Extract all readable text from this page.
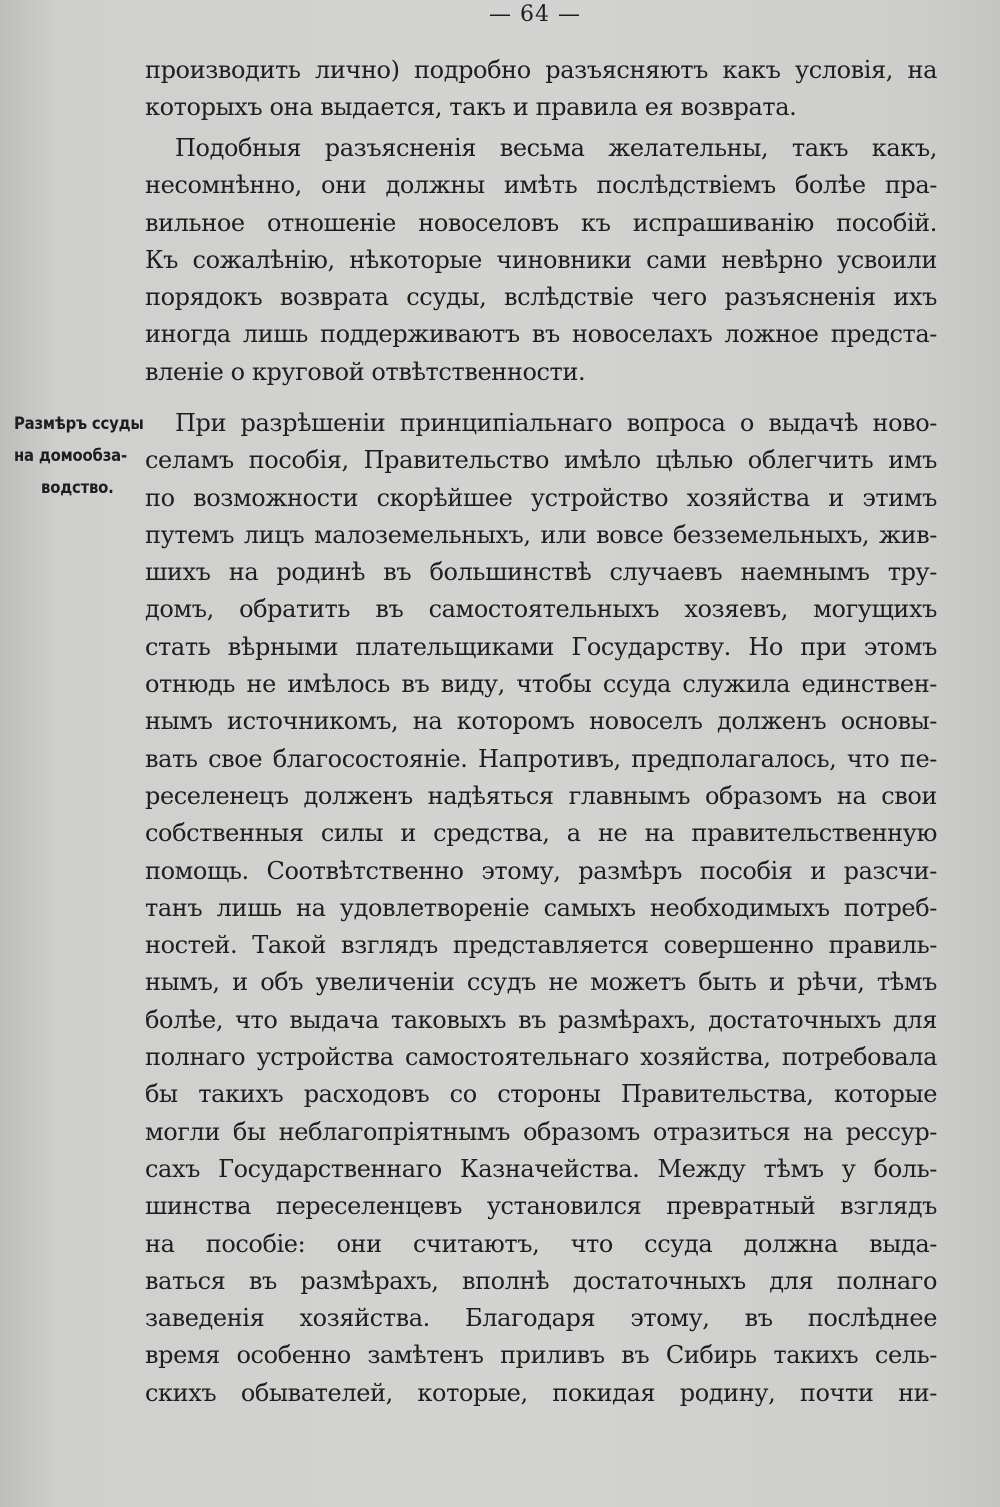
— 64 —
Размѣръ ссуды
на домообза-
водство.
производить лично) подробно разъясняютъ какъ условія, на
которыхъ она выдается, такъ и правила ея возврата.
Подобныя разъясненія весьма желательны, такъ какъ,
несомнѣнно, они должны имѣть послѣдствіемъ болѣе пра-
вильное отношеніе новоселовъ къ испрашиванію пособій.
Къ сожалѣнію, нѣкоторые чиновники сами невѣрно усвоили
порядокъ возврата ссуды, вслѣдствіе чего разъясненія ихъ
иногда лишь поддерживаютъ въ новоселахъ ложное предста-
вленіе о круговой отвѣтственности.
При разрѣшеніи принципіальнаго вопроса о выдачѣ ново-
селамъ пособія, Правительство имѣло цѣлью облегчить имъ
по возможности скорѣйшее устройство хозяйства и этимъ
путемъ лицъ малоземельныхъ, или вовсе безземельныхъ, жив-
шихъ на родинѣ въ большинствѣ случаевъ наемнымъ тру-
домъ, обратить въ самостоятельныхъ хозяевъ, могущихъ
стать вѣрными плательщиками Государству. Но при этомъ
отнюдь не имѣлось въ виду, чтобы ссуда служила единствен-
нымъ источникомъ, на которомъ новоселъ долженъ основы-
вать свое благосостояніе. Напротивъ, предполагалось, что пе-
реселенецъ долженъ надѣяться главнымъ образомъ на свои
собственныя силы и средства, а не на правительственную
помощь. Соотвѣтственно этому, размѣръ пособія и разсчи-
танъ лишь на удовлетвореніе самыхъ необходимыхъ потреб-
ностей. Такой взглядъ представляется совершенно правиль-
нымъ, и объ увеличеніи ссудъ не можетъ быть и рѣчи, тѣмъ
болѣе, что выдача таковыхъ въ размѣрахъ, достаточныхъ для
полнаго устройства самостоятельнаго хозяйства, потребовала
бы такихъ расходовъ со стороны Правительства, которые
могли бы неблагопріятнымъ образомъ отразиться на рессур-
сахъ Государственнаго Казначейства. Между тѣмъ у боль-
шинства переселенцевъ установился превратный взглядъ
на пособіе: они считаютъ, что ссуда должна выда-
ваться въ размѣрахъ, вполнѣ достаточныхъ для полнаго
заведенія хозяйства. Благодаря этому, въ послѣднее
время особенно замѣтенъ приливъ въ Сибирь такихъ сель-
скихъ обывателей, которые, покидая родину, почти ни-
